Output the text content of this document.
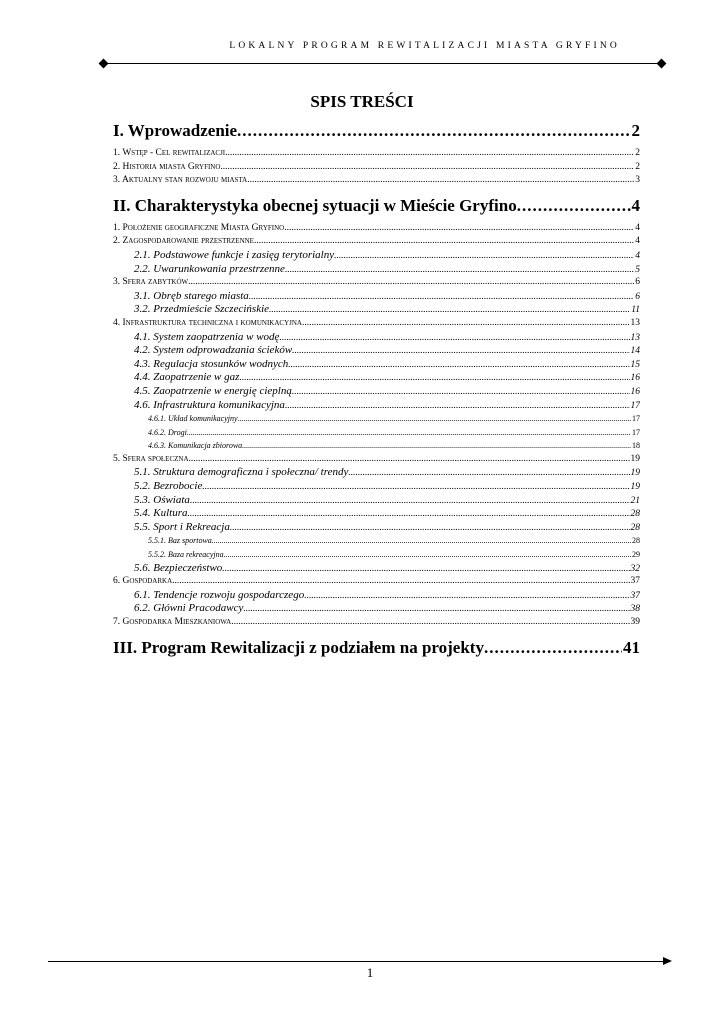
LOKALNY PROGRAM REWITALIZACJI MIASTA GRYFINO
SPIS TREŚCI
I. Wprowadzenie .....	2
1. Wstęp - Cel rewitalizacji .....	2
2. Historia miasta Gryfino .....	2
3. Aktualny stan rozwoju miasta .....	3
II. Charakterystyka obecnej sytuacji w Mieście Gryfino .....	4
1. Położenie geograficzne Miasta Gryfino .....	4
2. Zagospodarowanie przestrzenne .....	4
2.1. Podstawowe funkcje i zasięg terytorialny .....	4
2.2. Uwarunkowania przestrzenne .....	5
3. Sfera zabytków .....	6
3.1. Obręb starego miasta .....	6
3.2. Przedmieście Szczecińskie .....	11
4. Infrastruktura techniczna i komunikacyjna .....	13
4.1. System zaopatrzenia w wodę .....	13
4.2. System odprowadzania ścieków .....	14
4.3. Regulacja stosunków wodnych .....	15
4.4. Zaopatrzenie w gaz .....	16
4.5. Zaopatrzenie w energię cieplną .....	16
4.6. Infrastruktura komunikacyjna .....	17
4.6.1. Układ komunikacyjny .....	17
4.6.2. Drogi .....	17
4.6.3. Komunikacja zbiorowa .....	18
5. Sfera społeczna .....	19
5.1. Struktura demograficzna i społeczna/ trendy .....	19
5.2. Bezrobocie .....	19
5.3. Oświata .....	21
5.4. Kultura .....	28
5.5. Sport i Rekreacja .....	28
5.5.1. Baz sportowa .....	28
5.5.2. Baza rekreacyjna .....	29
5.6. Bezpieczeństwo .....	32
6. Gospodarka .....	37
6.1. Tendencje rozwoju gospodarczego .....	37
6.2. Główni Pracodawcy .....	38
7. Gospodarka Mieszkaniowa .....	39
III. Program Rewitalizacji z podziałem na projekty .....	41
1
